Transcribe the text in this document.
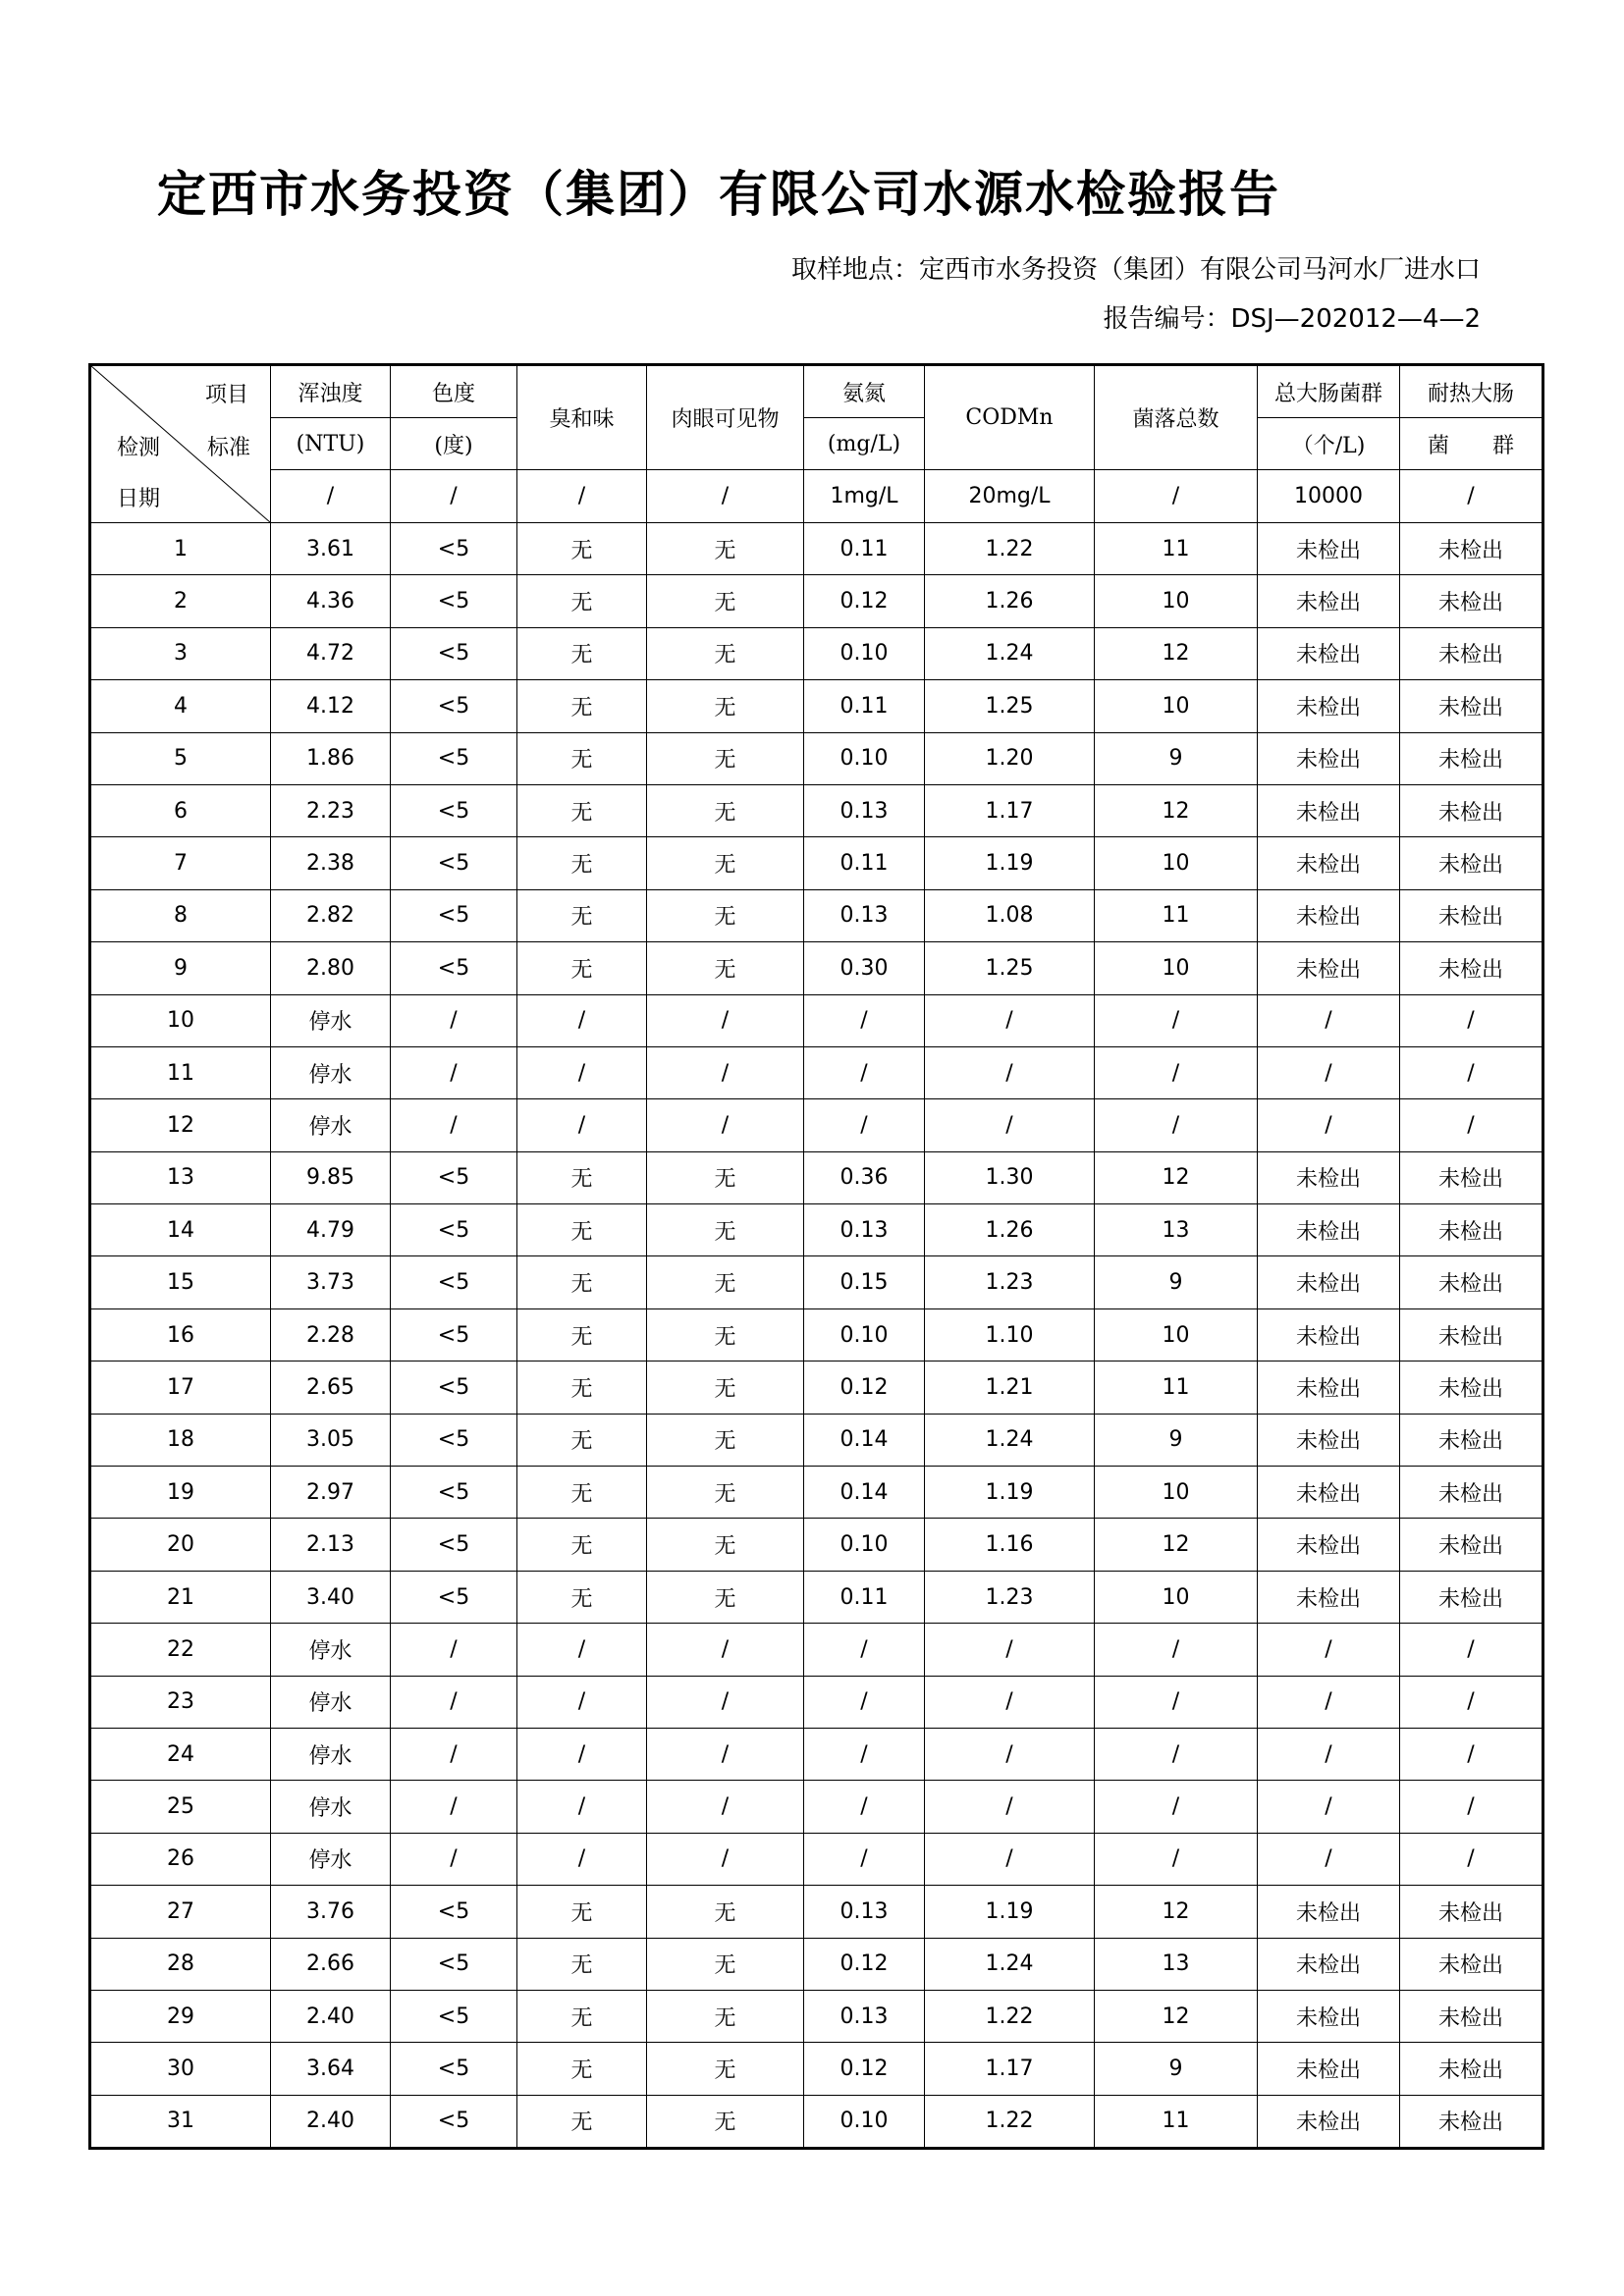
定西市水务投资（集团）有限公司水源水检验报告
取样地点：定西市水务投资（集团）有限公司马河水厂进水口
报告编号：DSJ—202012—4—2
项目
检测 标准
日期	浑浊度	色度	臭和味	肉眼可见物	氨氮	CODMn	菌落总数	总大肠菌群	耐热大肠
	(NTU)	(度)			(mg/L)			（个/L)	菌　　群
	/	/	/	/	1mg/L	20mg/L	/	10000	/
1	3.61	<5	无	无	0.11	1.22	11	未检出	未检出
2	4.36	<5	无	无	0.12	1.26	10	未检出	未检出
3	4.72	<5	无	无	0.10	1.24	12	未检出	未检出
4	4.12	<5	无	无	0.11	1.25	10	未检出	未检出
5	1.86	<5	无	无	0.10	1.20	9	未检出	未检出
6	2.23	<5	无	无	0.13	1.17	12	未检出	未检出
7	2.38	<5	无	无	0.11	1.19	10	未检出	未检出
8	2.82	<5	无	无	0.13	1.08	11	未检出	未检出
9	2.80	<5	无	无	0.30	1.25	10	未检出	未检出
10	停水	/	/	/	/	/	/	/	/
11	停水	/	/	/	/	/	/	/	/
12	停水	/	/	/	/	/	/	/	/
13	9.85	<5	无	无	0.36	1.30	12	未检出	未检出
14	4.79	<5	无	无	0.13	1.26	13	未检出	未检出
15	3.73	<5	无	无	0.15	1.23	9	未检出	未检出
16	2.28	<5	无	无	0.10	1.10	10	未检出	未检出
17	2.65	<5	无	无	0.12	1.21	11	未检出	未检出
18	3.05	<5	无	无	0.14	1.24	9	未检出	未检出
19	2.97	<5	无	无	0.14	1.19	10	未检出	未检出
20	2.13	<5	无	无	0.10	1.16	12	未检出	未检出
21	3.40	<5	无	无	0.11	1.23	10	未检出	未检出
22	停水	/	/	/	/	/	/	/	/
23	停水	/	/	/	/	/	/	/	/
24	停水	/	/	/	/	/	/	/	/
25	停水	/	/	/	/	/	/	/	/
26	停水	/	/	/	/	/	/	/	/
27	3.76	<5	无	无	0.13	1.19	12	未检出	未检出
28	2.66	<5	无	无	0.12	1.24	13	未检出	未检出
29	2.40	<5	无	无	0.13	1.22	12	未检出	未检出
30	3.64	<5	无	无	0.12	1.17	9	未检出	未检出
31	2.40	<5	无	无	0.10	1.22	11	未检出	未检出
